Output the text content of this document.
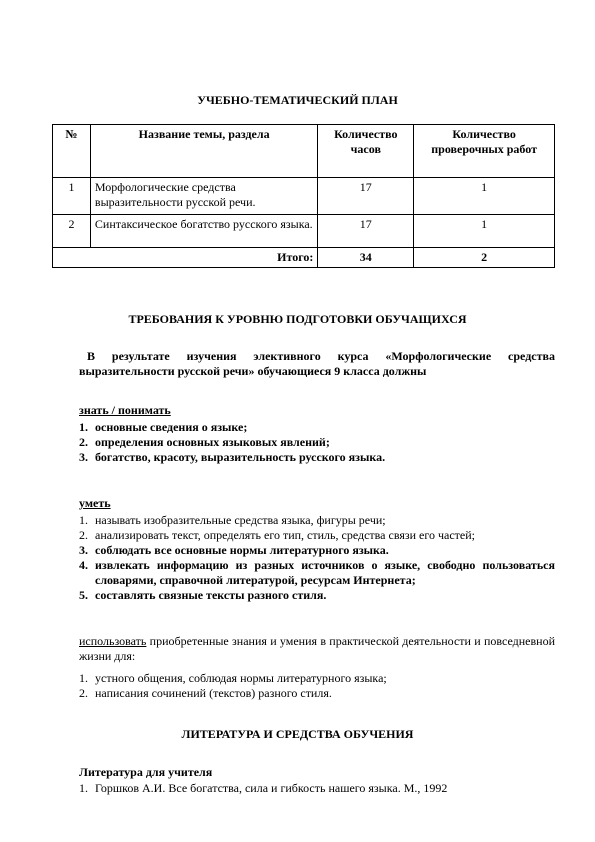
УЧЕБНО-ТЕМАТИЧЕСКИЙ ПЛАН
№	Название темы, раздела	Количество часов	Количество проверочных работ
1	Морфологические средства выразительности русской речи.	17	1
2	Синтаксическое богатство русского языка.	17	1
Итого:		34	2
ТРЕБОВАНИЯ К УРОВНЮ ПОДГОТОВКИ ОБУЧАЩИХСЯ
В результате изучения элективного курса «Морфологические средства выразительности русской речи» обучающиеся 9 класса должны
знать / понимать
1. основные сведения о языке;
2. определения основных языковых явлений;
3. богатство, красоту, выразительность русского языка.
уметь
1. называть изобразительные средства языка, фигуры речи;
2. анализировать текст, определять его тип, стиль, средства связи его частей;
3. соблюдать все основные нормы литературного языка.
4. извлекать информацию из разных источников о языке, свободно пользоваться словарями, справочной литературой, ресурсам Интернета;
5. составлять связные тексты разного стиля.
использовать приобретенные знания и умения в практической деятельности и повседневной жизни для:
1. устного общения, соблюдая нормы литературного языка;
2. написания сочинений (текстов) разного стиля.
ЛИТЕРАТУРА И СРЕДСТВА ОБУЧЕНИЯ
Литература для учителя
1. Горшков А.И. Все богатства, сила и гибкость нашего языка. М., 1992
